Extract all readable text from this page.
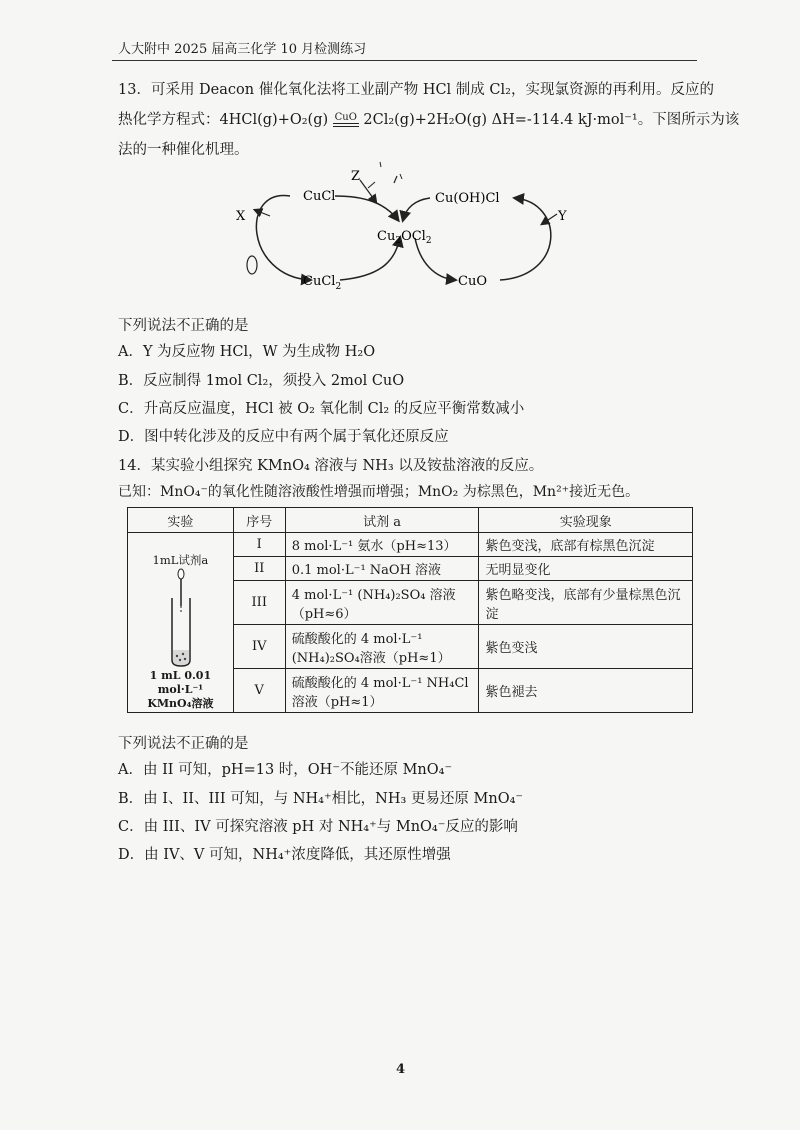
人大附中 2025 届高三化学 10 月检测练习
13．可采用 Deacon 催化氧化法将工业副产物 HCl 制成 Cl₂，实现氯资源的再利用。反应的
热化学方程式：4HCl(g)+O₂(g) CuO 2Cl₂(g)+2H₂O(g) ΔH=-114.4 kJ·mol⁻¹。下图所示为该
法的一种催化机理。
CuCl
$Cu_2OCl_2$
CuCl$_2$
Cu(OH)Cl
CuO
X	Y
Z
下列说法不正确的是
A．Y 为反应物 HCl，W 为生成物 H₂O
B．反应制得 1mol Cl₂，须投入 2mol CuO
C．升高反应温度，HCl 被 O₂ 氧化制 Cl₂ 的反应平衡常数减小
D．图中转化涉及的反应中有两个属于氧化还原反应
14．某实验小组探究 KMnO₄ 溶液与 NH₃ 以及铵盐溶液的反应。
已知：MnO₄⁻的氧化性随溶液酸性增强而增强；MnO₂ 为棕黑色，Mn²⁺接近无色。
实验	序号	试剂 a	实验现象

1mL试剂a
1 mL 0.01 mol·L⁻¹
KMnO₄溶液	I	8 mol·L⁻¹ 氨水（pH≈13）	紫色变浅，底部有棕黑色沉淀
	II	0.1 mol·L⁻¹ NaOH 溶液	无明显变化
	III	4 mol·L⁻¹ (NH₄)₂SO₄ 溶液（pH≈6）	紫色略变浅，底部有少量棕黑色沉淀
	IV	硫酸酸化的 4 mol·L⁻¹ (NH₄)₂SO₄溶液（pH≈1）	紫色变浅
	V	硫酸酸化的 4 mol·L⁻¹ NH₄Cl 溶液（pH≈1）	紫色褪去
下列说法不正确的是
A．由 II 可知，pH=13 时，OH⁻不能还原 MnO₄⁻
B．由 I、II、III 可知，与 NH₄⁺相比，NH₃ 更易还原 MnO₄⁻
C．由 III、IV 可探究溶液 pH 对 NH₄⁺与 MnO₄⁻反应的影响
D．由 IV、V 可知，NH₄⁺浓度降低，其还原性增强
4
